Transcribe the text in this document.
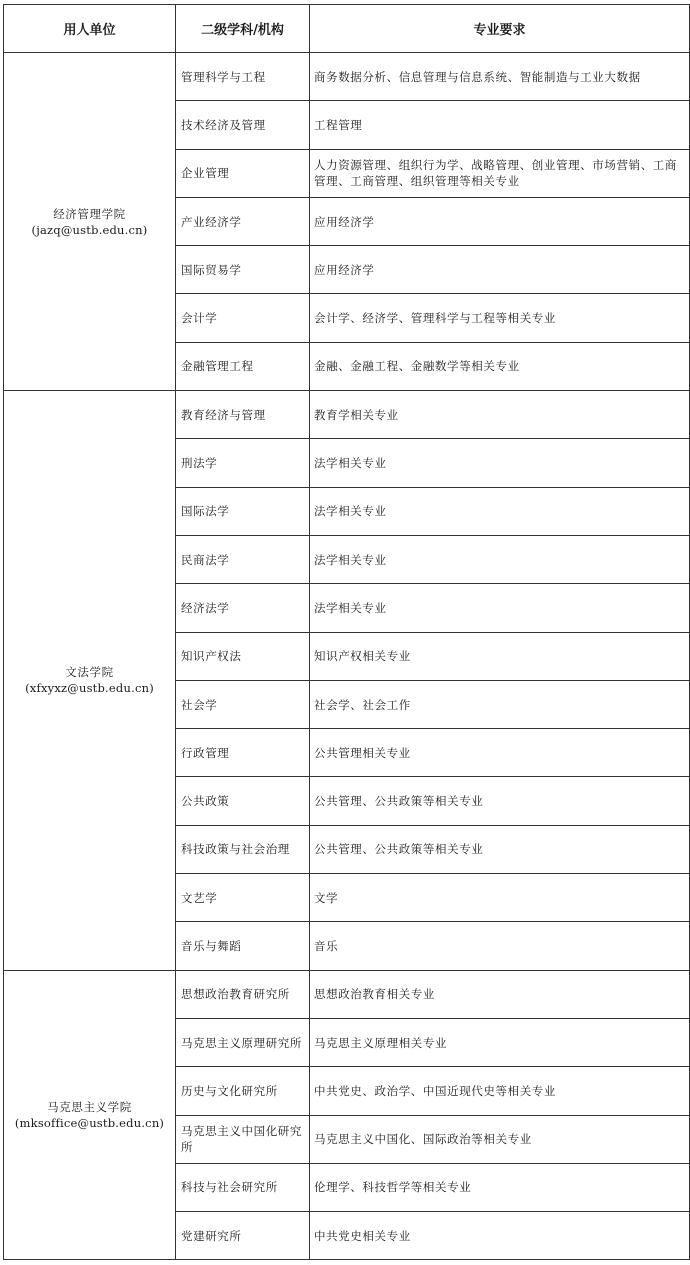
用人单位	二级学科/机构	专业要求

经济管理学院
(jazq@ustb.edu.cn)	管理科学与工程	商务数据分析、信息管理与信息系统、智能制造与工业大数据
	技术经济及管理	工程管理
	企业管理	人力资源管理、组织行为学、战略管理、创业管理、市场营销、工商管理、工商管理、组织管理等相关专业
	产业经济学	应用经济学
	国际贸易学	应用经济学
	会计学	会计学、经济学、管理科学与工程等相关专业
	金融管理工程	金融、金融工程、金融数学等相关专业

文法学院
(xfxyxz@ustb.edu.cn)	教育经济与管理	教育学相关专业
	刑法学	法学相关专业
	国际法学	法学相关专业
	民商法学	法学相关专业
	经济法学	法学相关专业
	知识产权法	知识产权相关专业
	社会学	社会学、社会工作
	行政管理	公共管理相关专业
	公共政策	公共管理、公共政策等相关专业
	科技政策与社会治理	公共管理、公共政策等相关专业
	文艺学	文学
	音乐与舞蹈	音乐

马克思主义学院
(mksoffice@ustb.edu.cn)	思想政治教育研究所	思想政治教育相关专业
	马克思主义原理研究所	马克思主义原理相关专业
	历史与文化研究所	中共党史、政治学、中国近现代史等相关专业
	马克思主义中国化研究所	马克思主义中国化、国际政治等相关专业
	科技与社会研究所	伦理学、科技哲学等相关专业
	党建研究所	中共党史相关专业
